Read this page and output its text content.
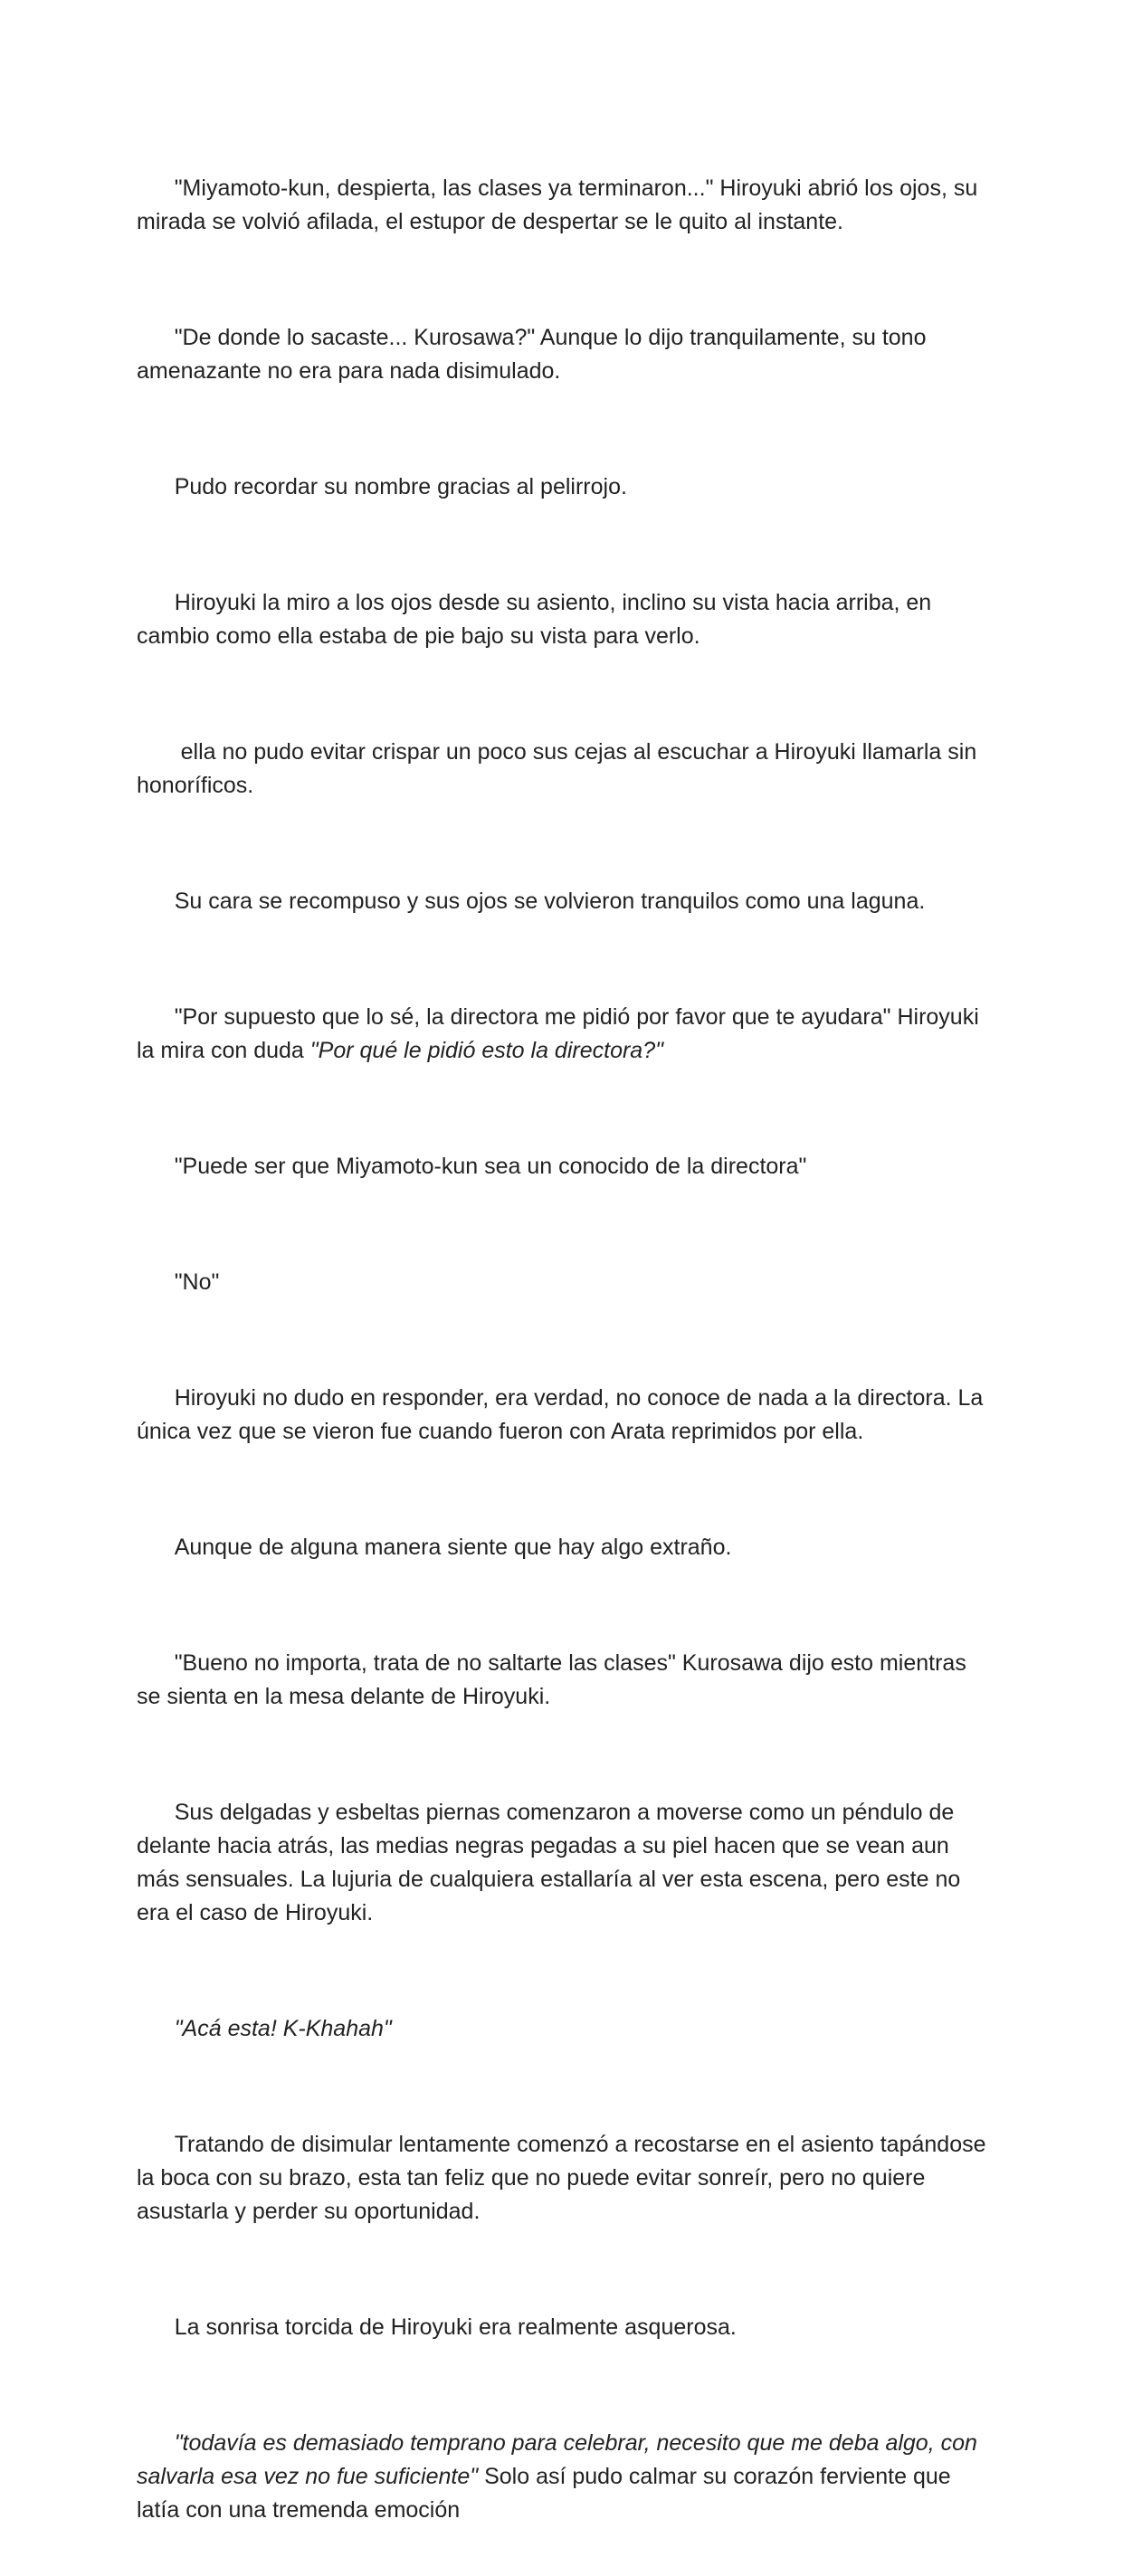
"Miyamoto-kun, despierta, las clases ya terminaron..." Hiroyuki abrió los ojos, su mirada se volvió afilada, el estupor de despertar se le quito al instante.

"De donde lo sacaste... Kurosawa?" Aunque lo dijo tranquilamente, su tono amenazante no era para nada disimulado.

Pudo recordar su nombre gracias al pelirrojo.

Hiroyuki la miro a los ojos desde su asiento, inclino su vista hacia arriba, en cambio como ella estaba de pie bajo su vista para verlo.

ella no pudo evitar crispar un poco sus cejas al escuchar a Hiroyuki llamarla sin honoríficos.

Su cara se recompuso y sus ojos se volvieron tranquilos como una laguna.

"Por supuesto que lo sé, la directora me pidió por favor que te ayudara" Hiroyuki la mira con duda "Por qué le pidió esto la directora?"

"Puede ser que Miyamoto-kun sea un conocido de la directora"

"No"

Hiroyuki no dudo en responder, era verdad, no conoce de nada a la directora. La única vez que se vieron fue cuando fueron con Arata reprimidos por ella.

Aunque de alguna manera siente que hay algo extraño.

"Bueno no importa, trata de no saltarte las clases" Kurosawa dijo esto mientras se sienta en la mesa delante de Hiroyuki.

Sus delgadas y esbeltas piernas comenzaron a moverse como un péndulo de delante hacia atrás, las medias negras pegadas a su piel hacen que se vean aun más sensuales. La lujuria de cualquiera estallaría al ver esta escena, pero este no era el caso de Hiroyuki.

"Acá esta! K-Khahah"

Tratando de disimular lentamente comenzó a recostarse en el asiento tapándose la boca con su brazo, esta tan feliz que no puede evitar sonreír, pero no quiere asustarla y perder su oportunidad.

La sonrisa torcida de Hiroyuki era realmente asquerosa.

"todavía es demasiado temprano para celebrar, necesito que me deba algo, con salvarla esa vez no fue suficiente" Solo así pudo calmar su corazón ferviente que latía con una tremenda emoción
